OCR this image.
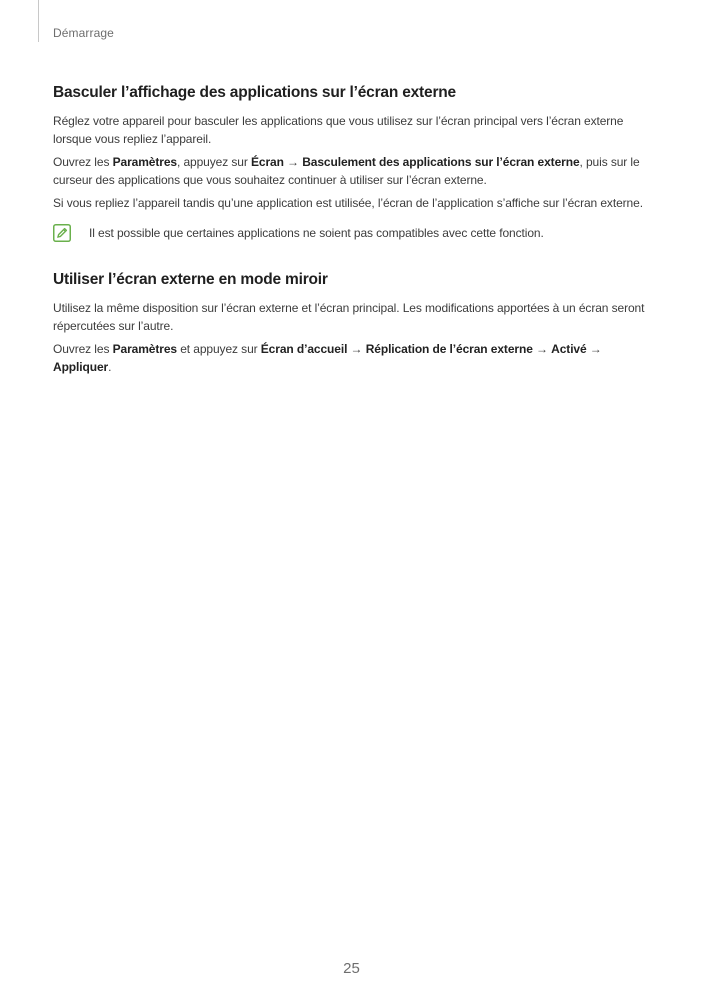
Démarrage
Basculer l’affichage des applications sur l’écran externe

Réglez votre appareil pour basculer les applications que vous utilisez sur l’écran principal vers l’écran externe lorsque vous repliez l’appareil.

Ouvrez les Paramètres, appuyez sur Écran → Basculement des applications sur l’écran externe, puis sur le curseur des applications que vous souhaitez continuer à utiliser sur l’écran externe.

Si vous repliez l’appareil tandis qu’une application est utilisée, l’écran de l’application s’affiche sur l’écran externe.

Il est possible que certaines applications ne soient pas compatibles avec cette fonction.

Utiliser l’écran externe en mode miroir

Utilisez la même disposition sur l’écran externe et l’écran principal. Les modifications apportées à un écran seront répercutées sur l’autre.

Ouvrez les Paramètres et appuyez sur Écran d’accueil → Réplication de l’écran externe → Activé → Appliquer.

25
